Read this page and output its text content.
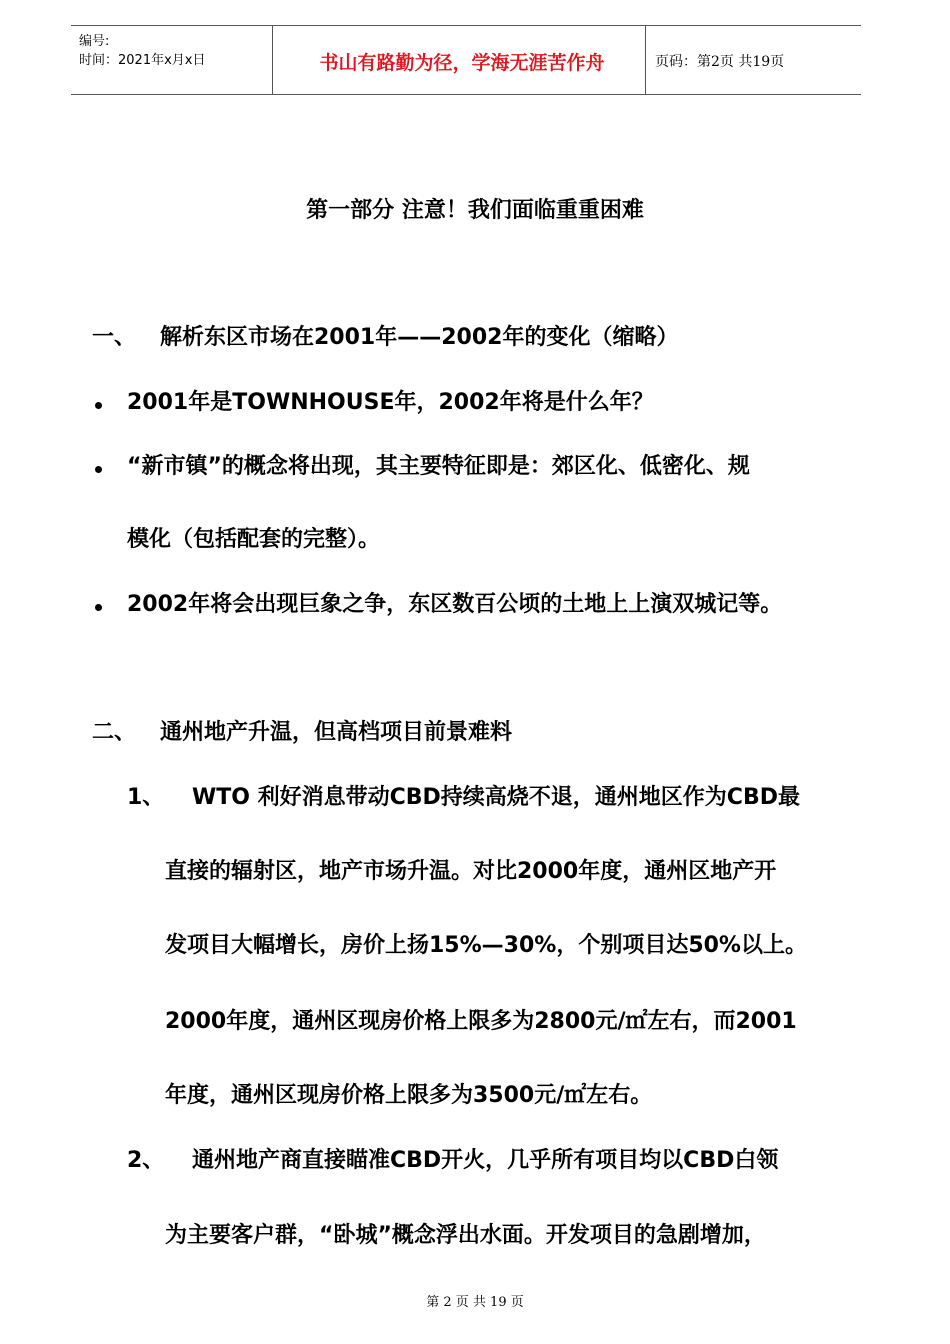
编号:
时间：2021年x月x日	书山有路勤为径，学海无涯苦作舟	页码：第2页 共19页
第一部分 注意！我们面临重重困难
一、 解析东区市场在2001年——2002年的变化（缩略）
2001年是TOWNHOUSE年，2002年将是什么年？
“新市镇”的概念将出现，其主要特征即是：郊区化、低密化、规
模化（包括配套的完整）。
2002年将会出现巨象之争，东区数百公顷的土地上上演双城记等。
二、 通州地产升温，但高档项目前景难料
1、 WTO 利好消息带动CBD持续高烧不退，通州地区作为CBD最
直接的辐射区，地产市场升温。对比2000年度，通州区地产开
发项目大幅增长，房价上扬15%—30%，个别项目达50%以上。
2000年度，通州区现房价格上限多为2800元/㎡左右，而2001
年度，通州区现房价格上限多为3500元/㎡左右。
2、 通州地产商直接瞄准CBD开火，几乎所有项目均以CBD白领
为主要客户群，“卧城”概念浮出水面。开发项目的急剧增加，
第 2 页 共 19 页
